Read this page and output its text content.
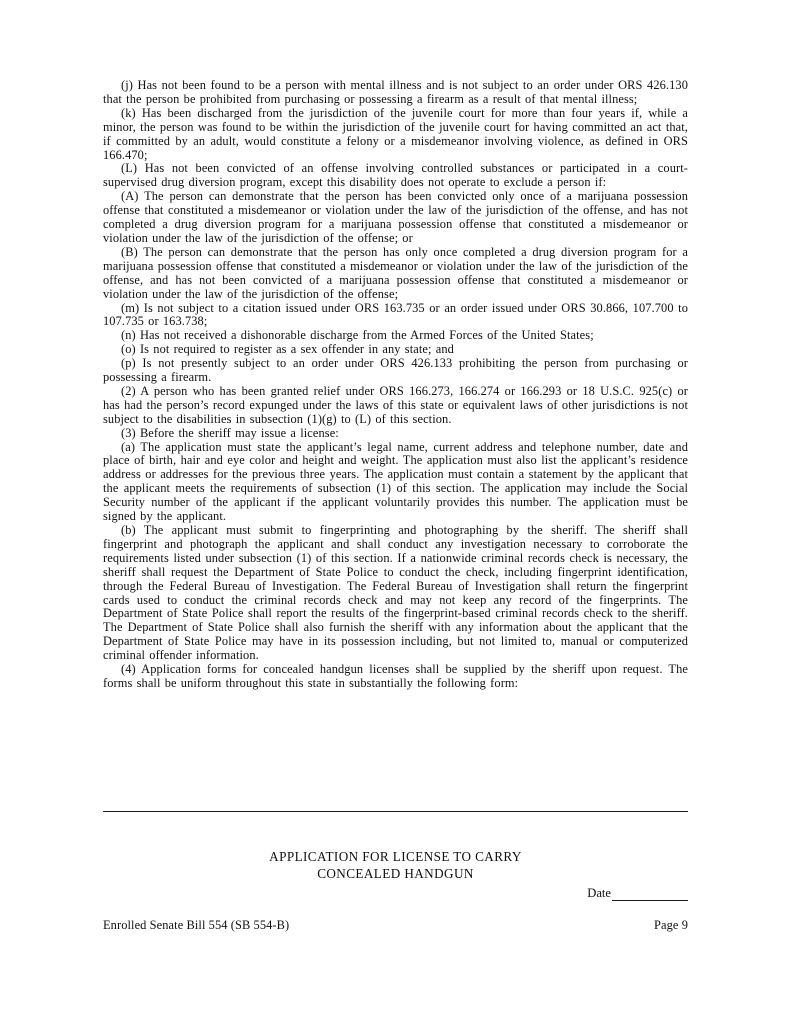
(j) Has not been found to be a person with mental illness and is not subject to an order under ORS 426.130 that the person be prohibited from purchasing or possessing a firearm as a result of that mental illness;

(k) Has been discharged from the jurisdiction of the juvenile court for more than four years if, while a minor, the person was found to be within the jurisdiction of the juvenile court for having committed an act that, if committed by an adult, would constitute a felony or a misdemeanor involving violence, as defined in ORS 166.470;

(L) Has not been convicted of an offense involving controlled substances or participated in a court-supervised drug diversion program, except this disability does not operate to exclude a person if:

(A) The person can demonstrate that the person has been convicted only once of a marijuana possession offense that constituted a misdemeanor or violation under the law of the jurisdiction of the offense, and has not completed a drug diversion program for a marijuana possession offense that constituted a misdemeanor or violation under the law of the jurisdiction of the offense; or

(B) The person can demonstrate that the person has only once completed a drug diversion program for a marijuana possession offense that constituted a misdemeanor or violation under the law of the jurisdiction of the offense, and has not been convicted of a marijuana possession offense that constituted a misdemeanor or violation under the law of the jurisdiction of the offense;

(m) Is not subject to a citation issued under ORS 163.735 or an order issued under ORS 30.866, 107.700 to 107.735 or 163.738;

(n) Has not received a dishonorable discharge from the Armed Forces of the United States;

(o) Is not required to register as a sex offender in any state; and

(p) Is not presently subject to an order under ORS 426.133 prohibiting the person from purchasing or possessing a firearm.

(2) A person who has been granted relief under ORS 166.273, 166.274 or 166.293 or 18 U.S.C. 925(c) or has had the person’s record expunged under the laws of this state or equivalent laws of other jurisdictions is not subject to the disabilities in subsection (1)(g) to (L) of this section.

(3) Before the sheriff may issue a license:

(a) The application must state the applicant’s legal name, current address and telephone number, date and place of birth, hair and eye color and height and weight. The application must also list the applicant’s residence address or addresses for the previous three years. The application must contain a statement by the applicant that the applicant meets the requirements of subsection (1) of this section. The application may include the Social Security number of the applicant if the applicant voluntarily provides this number. The application must be signed by the applicant.

(b) The applicant must submit to fingerprinting and photographing by the sheriff. The sheriff shall fingerprint and photograph the applicant and shall conduct any investigation necessary to corroborate the requirements listed under subsection (1) of this section. If a nationwide criminal records check is necessary, the sheriff shall request the Department of State Police to conduct the check, including fingerprint identification, through the Federal Bureau of Investigation. The Federal Bureau of Investigation shall return the fingerprint cards used to conduct the criminal records check and may not keep any record of the fingerprints. The Department of State Police shall report the results of the fingerprint-based criminal records check to the sheriff. The Department of State Police shall also furnish the sheriff with any information about the applicant that the Department of State Police may have in its possession including, but not limited to, manual or computerized criminal offender information.

(4) Application forms for concealed handgun licenses shall be supplied by the sheriff upon request. The forms shall be uniform throughout this state in substantially the following form:

APPLICATION FOR LICENSE TO CARRY
CONCEALED HANDGUN
Date
Enrolled Senate Bill 554 (SB 554-B)	Page 9
